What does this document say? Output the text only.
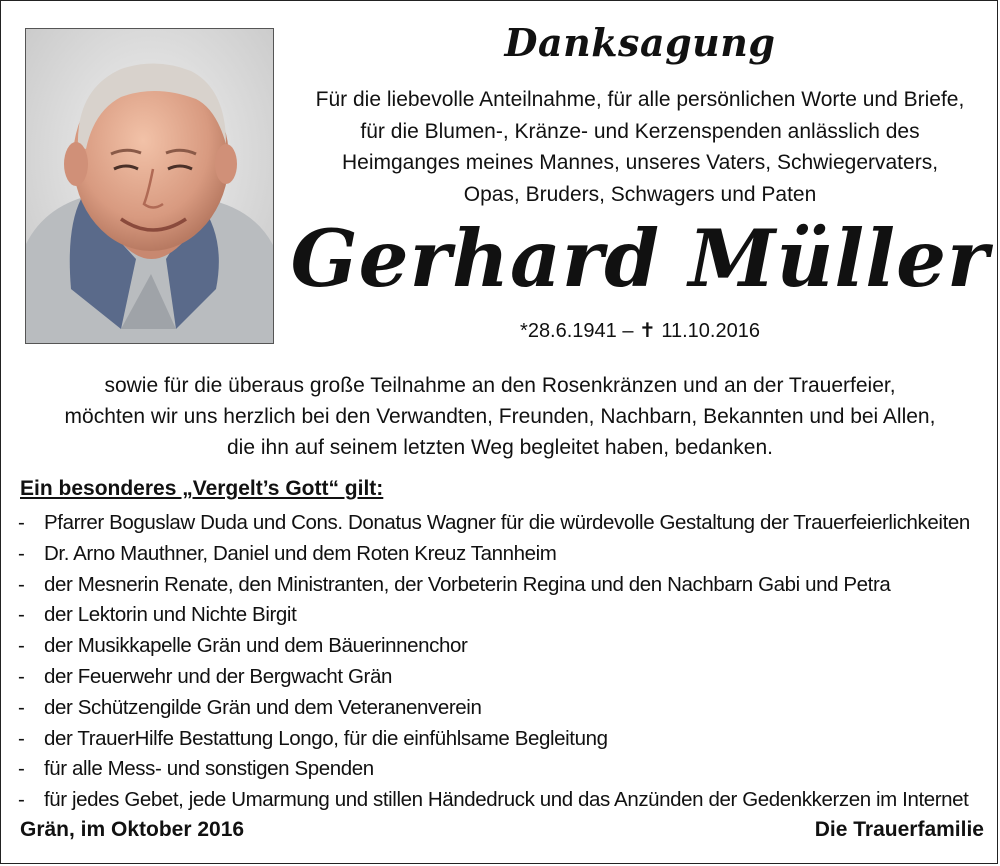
Danksagung
Für die liebevolle Anteilnahme, für alle persönlichen Worte und Briefe,
für die Blumen-, Kränze- und Kerzenspenden anlässlich des
Heimganges meines Mannes, unseres Vaters, Schwiegervaters,
Opas, Bruders, Schwagers und Paten
Gerhard Müller
*28.6.1941 – ✝ 11.10.2016
sowie für die überaus große Teilnahme an den Rosenkränzen und an der Trauerfeier,
möchten wir uns herzlich bei den Verwandten, Freunden, Nachbarn, Bekannten und bei Allen,
die ihn auf seinem letzten Weg begleitet haben, bedanken.
Ein besonderes „Vergelt’s Gott“ gilt:
- Pfarrer Boguslaw Duda und Cons. Donatus Wagner für die würdevolle Gestaltung der Trauerfeierlichkeiten
- Dr. Arno Mauthner, Daniel und dem Roten Kreuz Tannheim
- der Mesnerin Renate, den Ministranten, der Vorbeterin Regina und den Nachbarn Gabi und Petra
- der Lektorin und Nichte Birgit
- der Musikkapelle Grän und dem Bäuerinnenchor
- der Feuerwehr und der Bergwacht Grän
- der Schützengilde Grän und dem Veteranenverein
- der TrauerHilfe Bestattung Longo, für die einfühlsame Begleitung
- für alle Mess- und sonstigen Spenden
- für jedes Gebet, jede Umarmung und stillen Händedruck und das Anzünden der Gedenkkerzen im Internet
Grän, im Oktober 2016	Die Trauerfamilie
